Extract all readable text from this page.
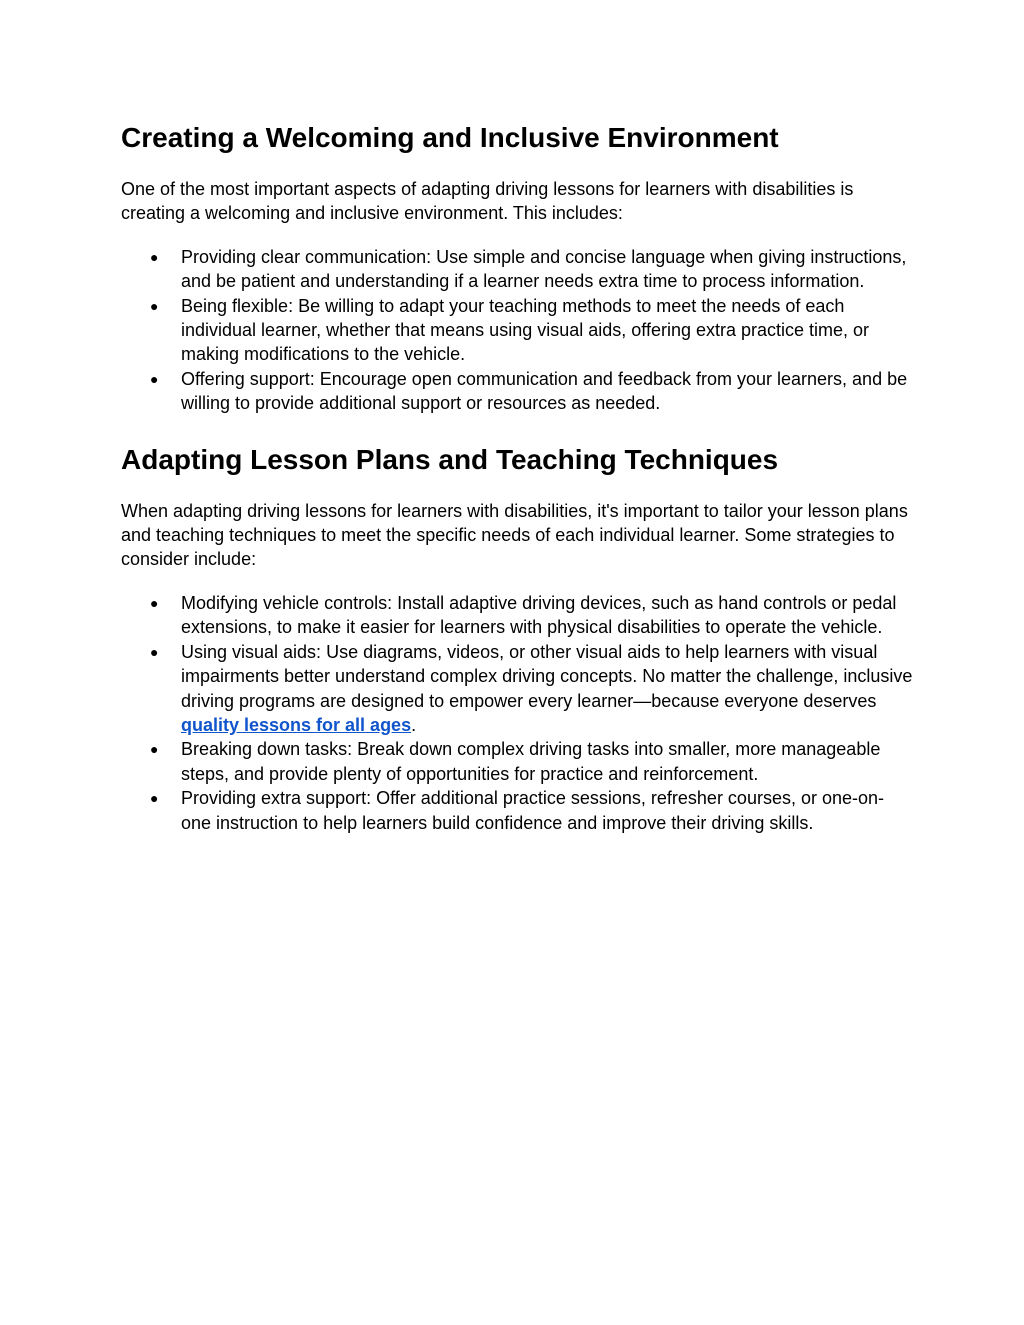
Creating a Welcoming and Inclusive Environment

One of the most important aspects of adapting driving lessons for learners with disabilities is creating a welcoming and inclusive environment. This includes:

● Providing clear communication: Use simple and concise language when giving instructions, and be patient and understanding if a learner needs extra time to process information.
● Being flexible: Be willing to adapt your teaching methods to meet the needs of each individual learner, whether that means using visual aids, offering extra practice time, or making modifications to the vehicle.
● Offering support: Encourage open communication and feedback from your learners, and be willing to provide additional support or resources as needed.
Adapting Lesson Plans and Teaching Techniques

When adapting driving lessons for learners with disabilities, it's important to tailor your lesson plans and teaching techniques to meet the specific needs of each individual learner. Some strategies to consider include:

● Modifying vehicle controls: Install adaptive driving devices, such as hand controls or pedal extensions, to make it easier for learners with physical disabilities to operate the vehicle.
● Using visual aids: Use diagrams, videos, or other visual aids to help learners with visual impairments better understand complex driving concepts. No matter the challenge, inclusive driving programs are designed to empower every learner—because everyone deserves quality lessons for all ages.
● Breaking down tasks: Break down complex driving tasks into smaller, more manageable steps, and provide plenty of opportunities for practice and reinforcement.
● Providing extra support: Offer additional practice sessions, refresher courses, or one-on-one instruction to help learners build confidence and improve their driving skills.
